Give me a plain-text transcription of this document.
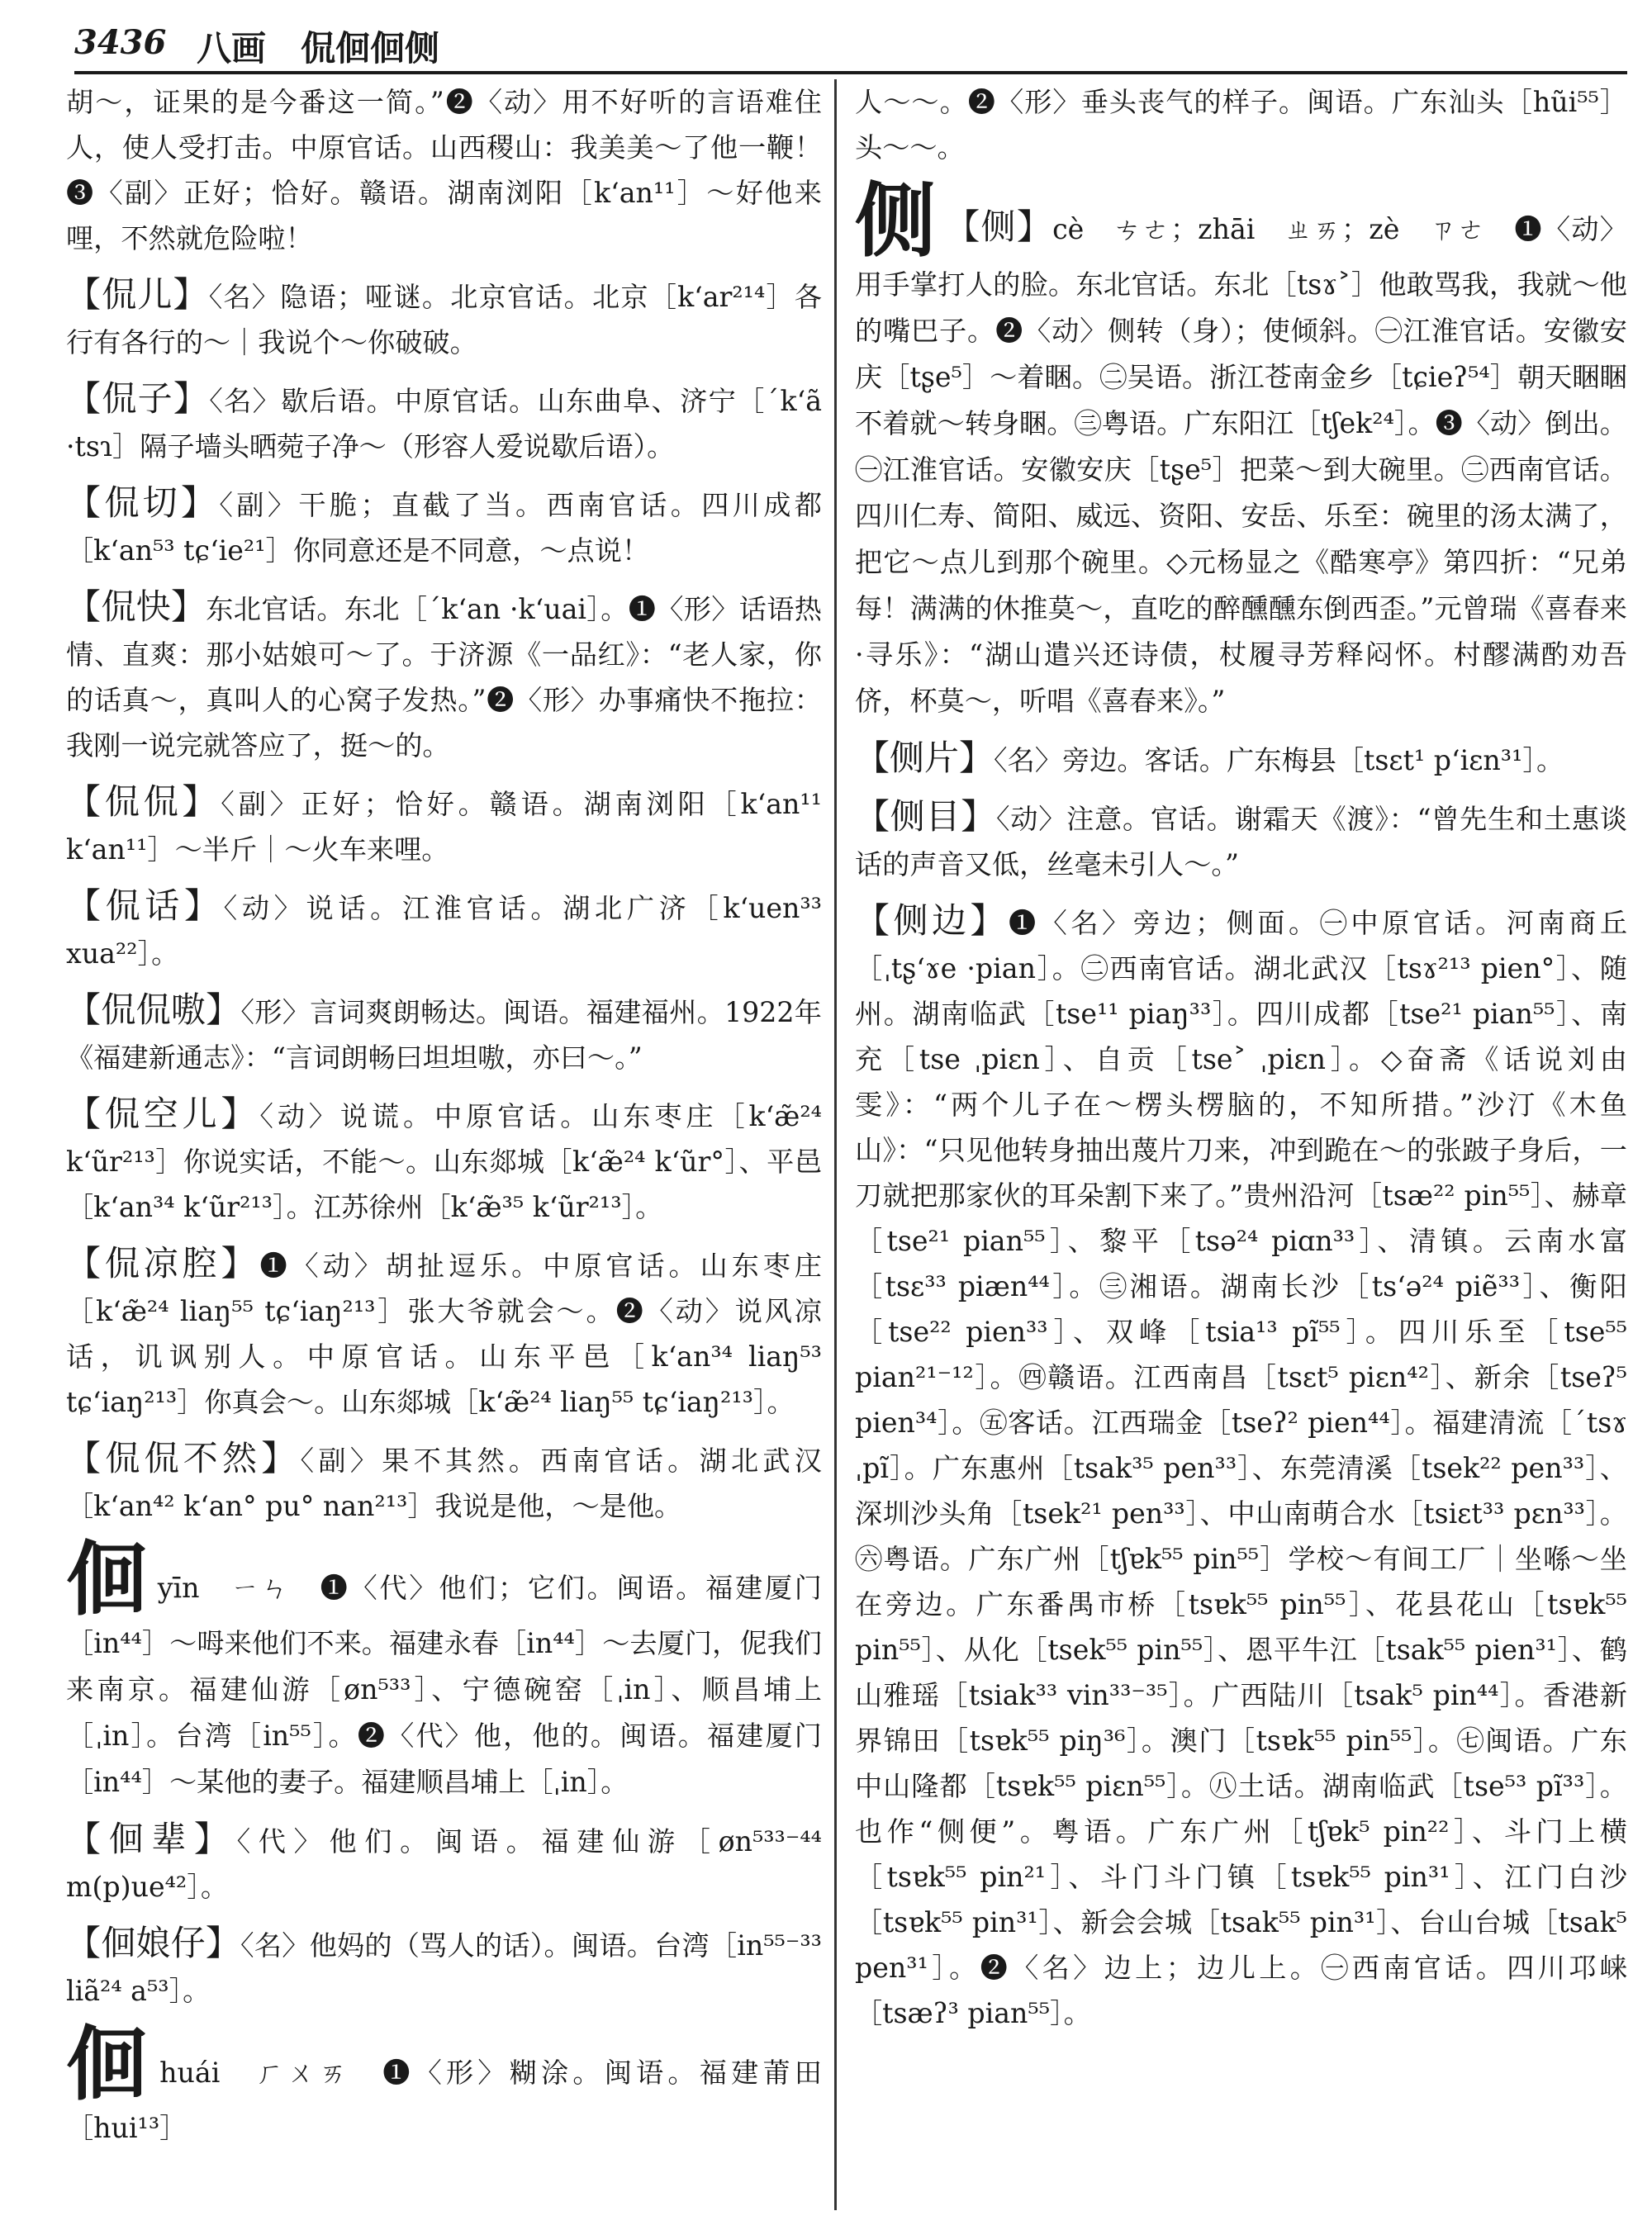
3436 八画　侃佪佪侧

胡～，证果的是今番这一简。”❷〈动〉用不好听的言语难住人，使人受打击。中原官话。山西稷山：我美美～了他一鞭！❸〈副〉正好；恰好。赣语。湖南浏阳［k‘an¹¹］～好他来哩，不然就危险啦！

【侃儿】〈名〉隐语；哑谜。北京官话。北京［k‘ar²¹⁴］各行有各行的～｜我说个～你破破。

【侃子】〈名〉歇后语。中原官话。山东曲阜、济宁［ˊk‘ã ·tsɿ］隔子墙头晒菀子净～（形容人爱说歇后语）。

【侃切】〈副〉干脆；直截了当。西南官话。四川成都［k‘an⁵³ tɕ‘ie²¹］你同意还是不同意，～点说！

【侃快】东北官话。东北［ˊk‘an ·k‘uai］。❶〈形〉话语热情、直爽：那小姑娘可～了。于济源《一品红》：“老人家，你的话真～，真叫人的心窝子发热。”❷〈形〉办事痛快不拖拉：我刚一说完就答应了，挺～的。

【侃侃】〈副〉正好；恰好。赣语。湖南浏阳［k‘an¹¹ k‘an¹¹］～半斤｜～火车来哩。

【侃话】〈动〉说话。江淮官话。湖北广济［k‘uen³³ xua²²］。

【侃侃嗷】〈形〉言词爽朗畅达。闽语。福建福州。1922年《福建新通志》：“言词朗畅曰坦坦嗷，亦曰～。”

【侃空儿】〈动〉说谎。中原官话。山东枣庄［k‘æ̃²⁴ k‘ũr²¹³］你说实话，不能～。山东郯城［k‘æ̃²⁴ k‘ũr°］、平邑［k‘an³⁴ k‘ũr²¹³］。江苏徐州［k‘æ̃³⁵ k‘ũr²¹³］。

【侃凉腔】❶〈动〉胡扯逗乐。中原官话。山东枣庄［k‘æ̃²⁴ liaŋ⁵⁵ tɕ‘iaŋ²¹³］张大爷就会～。❷〈动〉说风凉话，讥讽别人。中原官话。山东平邑［k‘an³⁴ liaŋ⁵³ tɕ‘iaŋ²¹³］你真会～。山东郯城［k‘æ̃²⁴ liaŋ⁵⁵ tɕ‘iaŋ²¹³］。

【侃侃不然】〈副〉果不其然。西南官话。湖北武汉［k‘an⁴² k‘an° pu° nan²¹³］我说是他，～是他。

佪yīn　ㄧㄣ　❶〈代〉他们；它们。闽语。福建厦门［in⁴⁴］～呣来他们不来。福建永春［in⁴⁴］～去厦门，伲我们来南京。福建仙游［øn⁵³³］、宁德碗窑［ˌin］、顺昌埔上［ˌin］。台湾［in⁵⁵］。❷〈代〉他，他的。闽语。福建厦门［in⁴⁴］～某他的妻子。福建顺昌埔上［ˌin］。

【佪辈】〈代〉他们。闽语。福建仙游［øn⁵³³⁻⁴⁴ m(p)ue⁴²］。

【佪娘仔】〈名〉他妈的（骂人的话）。闽语。台湾［in⁵⁵⁻³³ liã²⁴ a⁵³］。

佪huái　ㄏㄨㄞ　❶〈形〉糊涂。闽语。福建莆田［hui¹³］

人～～。❷〈形〉垂头丧气的样子。闽语。广东汕头［hũi⁵⁵］头～～。

侧 【侧】cè　ㄘㄜ；zhāi　ㄓㄞ；zè　ㄗㄜ　❶〈动〉用手掌打人的脸。东北官话。东北［tsɤ˃］他敢骂我，我就～他的嘴巴子。❷〈动〉侧转（身）；使倾斜。㊀江淮官话。安徽安庆［tʂe⁵］～着睏。㊁吴语。浙江苍南金乡［tɕieʔ⁵⁴］朝天睏睏不着就～转身睏。㊂粤语。广东阳江［tʃek²⁴］。❸〈动〉倒出。㊀江淮官话。安徽安庆［tʂe⁵］把菜～到大碗里。㊁西南官话。四川仁寿、简阳、威远、资阳、安岳、乐至：碗里的汤太满了，把它～点儿到那个碗里。◇元杨显之《酷寒亭》第四折：“兄弟每！满满的休推莫～，直吃的醉醺醺东倒西歪。”元曾瑞《喜春来·寻乐》：“湖山遣兴还诗债，杖履寻芳释闷怀。村醪满酌劝吾侪，杯莫～，听唱《喜春来》。”

【侧片】〈名〉旁边。客话。广东梅县［tsɛt¹ p‘iɛn³¹］。

【侧目】〈动〉注意。官话。谢霜天《渡》：“曾先生和土惠谈话的声音又低，丝毫未引人～。”

【侧边】❶〈名〉旁边；侧面。㊀中原官话。河南商丘［ˌtʂ‘ɤe ·pian］。㊁西南官话。湖北武汉［tsɤ²¹³ pien°］、随州。湖南临武［tse¹¹ piaŋ³³］。四川成都［tse²¹ pian⁵⁵］、南充［tse ˌpiɛn］、自贡［tse˃ ˌpiɛn］。◇奋斋《话说刘由雯》：“两个儿子在～楞头楞脑的，不知所措。”沙汀《木鱼山》：“只见他转身抽出蔑片刀来，冲到跪在～的张跛子身后，一刀就把那家伙的耳朵割下来了。”贵州沿河［tsæ²² pin⁵⁵］、赫章［tse²¹ pian⁵⁵］、黎平［tsə²⁴ piɑn³³］、清镇。云南水富［tsɛ³³ piæn⁴⁴］。㊂湘语。湖南长沙［ts‘ə²⁴ piẽ³³］、衡阳［tse²² pien³³］、双峰［tsia¹³ pĩ⁵⁵］。四川乐至［tse⁵⁵ pian²¹⁻¹²］。㊃赣语。江西南昌［tsɛt⁵ piɛn⁴²］、新余［tseʔ⁵ pien³⁴］。㊄客话。江西瑞金［tseʔ² pien⁴⁴］。福建清流［ˊtsɤ ˌpĩ］。广东惠州［tsak³⁵ pen³³］、东莞清溪［tsek²² pen³³］、深圳沙头角［tsek²¹ pen³³］、中山南萌合水［tsiɛt³³ pɛn³³］。㊅粤语。广东广州［tʃɐk⁵⁵ pin⁵⁵］学校～有间工厂｜坐喺～坐在旁边。广东番禺市桥［tsɐk⁵⁵ pin⁵⁵］、花县花山［tsɐk⁵⁵ pin⁵⁵］、从化［tsek⁵⁵ pin⁵⁵］、恩平牛江［tsak⁵⁵ pien³¹］、鹤山雅瑶［tsiak³³ vin³³⁻³⁵］。广西陆川［tsak⁵ pin⁴⁴］。香港新界锦田［tsɐk⁵⁵ piŋ³⁶］。澳门［tsɐk⁵⁵ pin⁵⁵］。㊆闽语。广东中山隆都［tsɐk⁵⁵ piɛn⁵⁵］。㊇土话。湖南临武［tse⁵³ pĩ³³］。也作“侧便”。粤语。广东广州［tʃɐk⁵ pin²²］、斗门上横［tsɐk⁵⁵ pin²¹］、斗门斗门镇［tsɐk⁵⁵ pin³¹］、江门白沙［tsɐk⁵⁵ pin³¹］、新会会城［tsak⁵⁵ pin³¹］、台山台城［tsak⁵ pen³¹］。❷〈名〉边上；边儿上。㊀西南官话。四川邛崃［tsæʔ³ pian⁵⁵］。
